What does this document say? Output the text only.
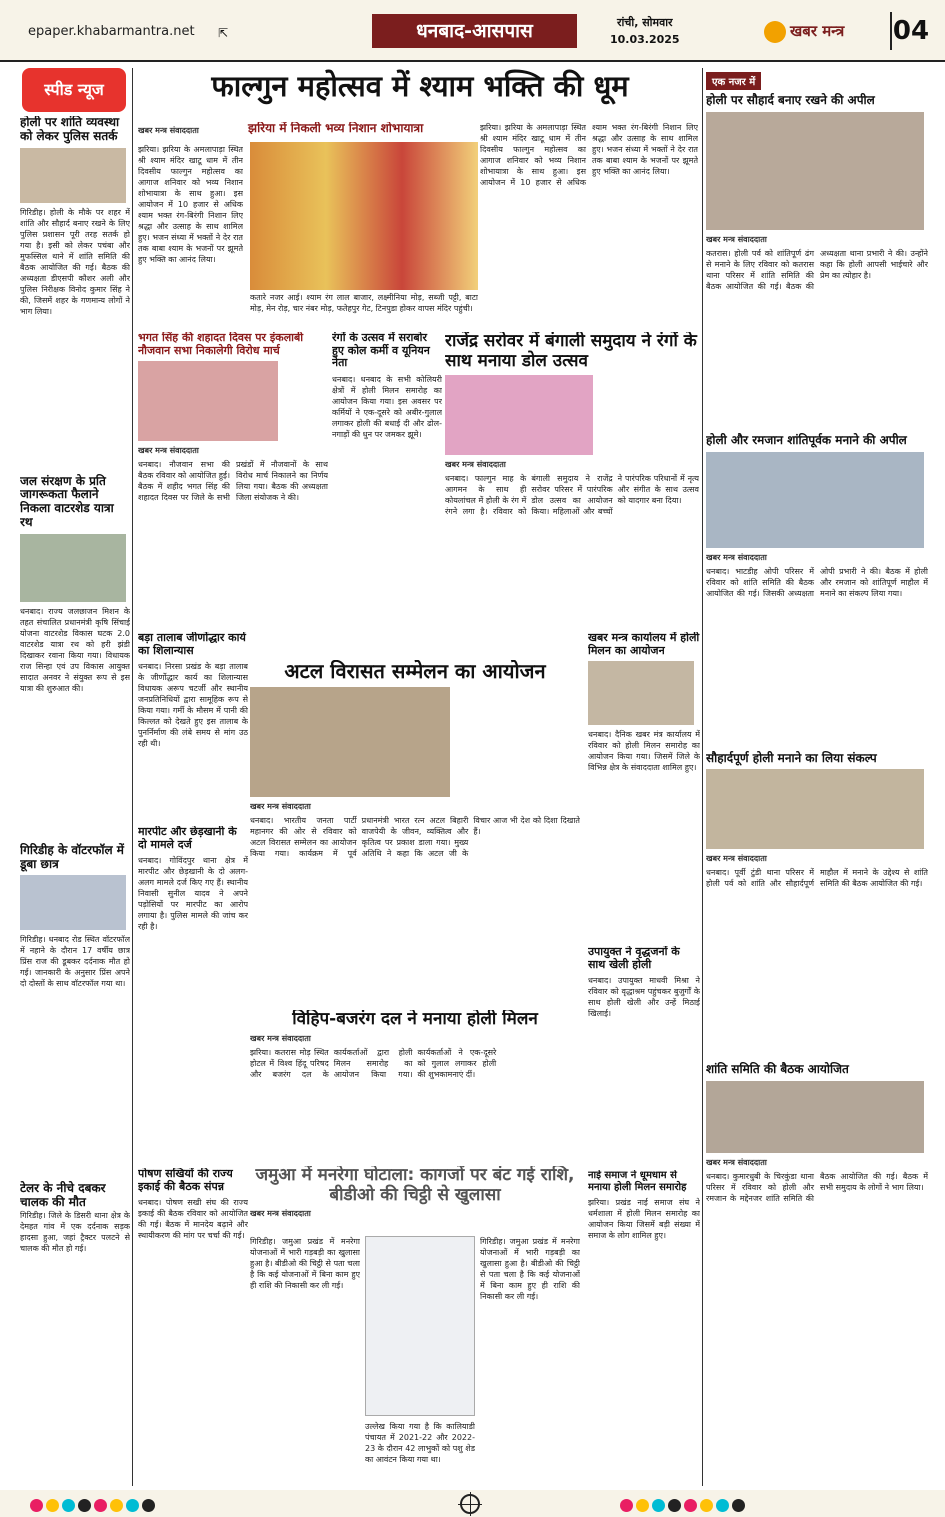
epaper.khabarmantra.net ⇱	धनबाद-आसपास	रांची, सोमवार
10.03.2025	खबर मन्त्र	04
स्पीड न्यूज
होली पर शांति व्यवस्था को लेकर पुलिस सतर्क
गिरिडीह। होली के मौके पर शहर में शांति और सौहार्द बनाए रखने के लिए पुलिस प्रशासन पूरी तरह सतर्क हो गया है। इसी को लेकर पचंबा और मुफस्सिल थाने में शांति समिति की बैठक आयोजित की गई। बैठक की अध्यक्षता डीएसपी कौशर अली और पुलिस निरीक्षक विनोद कुमार सिंह ने की, जिसमें शहर के गणमान्य लोगों ने भाग लिया।
जल संरक्षण के प्रति जागरूकता फैलाने निकला वाटरशेड यात्रा रथ
धनबाद। राज्य जलछाजन मिशन के तहत संचालित प्रधानमंत्री कृषि सिंचाई योजना वाटरशेड विकास घटक 2.0 वाटरशेड यात्रा रथ को हरी झंडी दिखाकर रवाना किया गया। विधायक राज सिन्हा एवं उप विकास आयुक्त सादात अनवर ने संयुक्त रूप से इस यात्रा की शुरुआत की।
गिरिडीह के वॉटरफॉल में डूबा छात्र
गिरिडीह। धनबाद रोड स्थित वॉटरफॉल में नहाने के दौरान 17 वर्षीय छात्र प्रिंस राज की डूबकर दर्दनाक मौत हो गई। जानकारी के अनुसार प्रिंस अपने दो दोस्तों के साथ वॉटरफॉल गया था।
टेलर के नीचे दबकर चालक की मौत
गिरिडीह। जिले के डिसरी थाना क्षेत्र के देमहत गांव में एक दर्दनाक सड़क हादसा हुआ, जहां ट्रैक्टर पलटने से चालक की मौत हो गई।
फाल्गुन महोत्सव में श्याम भक्ति की धूम
खबर मन्त्र संवाददाता	झरिया में निकली भव्य निशान शोभायात्रा
झरिया। झरिया के अमलापाड़ा स्थित श्री श्याम मंदिर खाटू धाम में तीन दिवसीय फाल्गुन महोत्सव का आगाज शनिवार को भव्य निशान शोभायात्रा के साथ हुआ। इस आयोजन में 10 हजार से अधिक श्याम भक्त रंग-बिरंगी निशान लिए श्रद्धा और उत्साह के साथ शामिल हुए। भजन संध्या में भक्तों ने देर रात तक बाबा श्याम के भजनों पर झूमते हुए भक्ति का आनंद लिया।
कतारे नजर आई। श्याम रंग लाल बाजार, लक्ष्मीनिया मोड़, सब्जी पट्टी, बाटा मोड़, मेन रोड़, चार नंबर मोड़, फतेहपुर गेट, टिनपुडा होकर वापस मंदिर पहुंची।
झरिया। झरिया के अमलापाड़ा स्थित श्री श्याम मंदिर खाटू धाम में तीन दिवसीय फाल्गुन महोत्सव का आगाज शनिवार को भव्य निशान शोभायात्रा के साथ हुआ। इस आयोजन में 10 हजार से अधिक श्याम भक्त रंग-बिरंगी निशान लिए श्रद्धा और उत्साह के साथ शामिल हुए। भजन संध्या में भक्तों ने देर रात तक बाबा श्याम के भजनों पर झूमते हुए भक्ति का आनंद लिया।
भगत सिंह की शहादत दिवस पर इंकलाबी नौजवान सभा निकालेगी विरोध मार्च
खबर मन्त्र संवाददाता
धनबाद। नौजवान सभा की बैठक रविवार को आयोजित हुई। बैठक में शहीद भगत सिंह की शहादत दिवस पर जिले के सभी प्रखंडों में नौजवानों के साथ विरोध मार्च निकालने का निर्णय लिया गया। बैठक की अध्यक्षता जिला संयोजक ने की।
रंगों के उत्सव में सराबोर हुए कोल कर्मी व यूनियन नेता
धनबाद। धनबाद के सभी कोलियरी क्षेत्रों में होली मिलन समारोह का आयोजन किया गया। इस अवसर पर कर्मियों ने एक-दूसरे को अबीर-गुलाल लगाकर होली की बधाई दी और ढोल-नगाड़ों की धुन पर जमकर झूमे।
राजेंद्र सरोवर में बंगाली समुदाय ने रंगों के साथ मनाया डोल उत्सव
खबर मन्त्र संवाददाता
धनबाद। फाल्गुन माह के आगमन के साथ ही कोयलांचल में होली के रंग में रंगने लगा है। रविवार को बंगाली समुदाय ने राजेंद्र सरोवर परिसर में पारंपरिक डोल उत्सव का आयोजन किया। महिलाओं और बच्चों ने पारंपरिक परिधानों में नृत्य और संगीत के साथ उत्सव को यादगार बना दिया।
बड़ा तालाब जीर्णोद्धार कार्य का शिलान्यास
धनबाद। निरसा प्रखंड के बड़ा तालाब के जीर्णोद्धार कार्य का शिलान्यास विधायक अरूप चटर्जी और स्थानीय जनप्रतिनिधियों द्वारा सामूहिक रूप से किया गया। गर्मी के मौसम में पानी की किल्लत को देखते हुए इस तालाब के पुनर्निर्माण की लंबे समय से मांग उठ रही थी।
मारपीट और छेड़खानी के दो मामले दर्ज
धनबाद। गोविंदपुर थाना क्षेत्र में मारपीट और छेड़खानी के दो अलग-अलग मामले दर्ज किए गए हैं। स्थानीय निवासी सुनील यादव ने अपने पड़ोसियों पर मारपीट का आरोप लगाया है। पुलिस मामले की जांच कर रही है।
पोषण सखियों की राज्य इकाई की बैठक संपन्न
धनबाद। पोषण सखी संघ की राज्य इकाई की बैठक रविवार को आयोजित की गई। बैठक में मानदेय बढ़ाने और स्थायीकरण की मांग पर चर्चा की गई।
अटल विरासत सम्मेलन का आयोजन
खबर मन्त्र संवाददाता
धनबाद। भारतीय जनता पार्टी महानगर की ओर से रविवार को अटल विरासत सम्मेलन का आयोजन किया गया। कार्यक्रम में पूर्व प्रधानमंत्री भारत रत्न अटल बिहारी वाजपेयी के जीवन, व्यक्तित्व और कृतित्व पर प्रकाश डाला गया। मुख्य अतिथि ने कहा कि अटल जी के विचार आज भी देश को दिशा दिखाते हैं।
विहिप-बजरंग दल ने मनाया होली मिलन
खबर मन्त्र संवाददाता
झरिया। कतरास मोड़ स्थित होटल में विश्व हिंदू परिषद और बजरंग दल के कार्यकर्ताओं द्वारा होली मिलन समारोह का आयोजन किया गया। कार्यकर्ताओं ने एक-दूसरे को गुलाल लगाकर होली की शुभकामनाएं दीं।
जमुआ में मनरेगा घोटाला: कागजों पर बंट गई राशि, बीडीओ की चिट्ठी से खुलासा
खबर मन्त्र संवाददाता
गिरिडीह। जमुआ प्रखंड में मनरेगा योजनाओं में भारी गड़बड़ी का खुलासा हुआ है। बीडीओ की चिट्ठी से पता चला है कि कई योजनाओं में बिना काम हुए ही राशि की निकासी कर ली गई।
उल्लेख किया गया है कि कालियाडी पंचायत में 2021-22 और 2022-23 के दौरान 42 लाभुकों को पशु शेड का आवंटन किया गया था।
गिरिडीह। जमुआ प्रखंड में मनरेगा योजनाओं में भारी गड़बड़ी का खुलासा हुआ है। बीडीओ की चिट्ठी से पता चला है कि कई योजनाओं में बिना काम हुए ही राशि की निकासी कर ली गई।
खबर मन्त्र कार्यालय में होली मिलन का आयोजन
धनबाद। दैनिक खबर मंत्र कार्यालय में रविवार को होली मिलन समारोह का आयोजन किया गया। जिसमें जिले के विभिन्न क्षेत्र के संवाददाता शामिल हुए।
उपायुक्त ने वृद्धजनों के साथ खेली होली
धनबाद। उपायुक्त माधवी मिश्रा ने रविवार को वृद्धाश्रम पहुंचकर बुजुर्गों के साथ होली खेली और उन्हें मिठाई खिलाई।
नाई समाज ने धूमधाम से मनाया होली मिलन समारोह
झरिया। प्रखंड नाई समाज संघ ने धर्मशाला में होली मिलन समारोह का आयोजन किया जिसमें बड़ी संख्या में समाज के लोग शामिल हुए।
एक नजर में
होली पर सौहार्द बनाए रखने की अपील
खबर मन्त्र संवाददाता
कतरास। होली पर्व को शांतिपूर्ण ढंग से मनाने के लिए रविवार को कतरास थाना परिसर में शांति समिति की बैठक आयोजित की गई। बैठक की अध्यक्षता थाना प्रभारी ने की। उन्होंने कहा कि होली आपसी भाईचारे और प्रेम का त्योहार है।
होली और रमजान शांतिपूर्वक मनाने की अपील
खबर मन्त्र संवाददाता
धनबाद। भाटडीह ओपी परिसर में रविवार को शांति समिति की बैठक आयोजित की गई। जिसकी अध्यक्षता ओपी प्रभारी ने की। बैठक में होली और रमजान को शांतिपूर्ण माहौल में मनाने का संकल्प लिया गया।
सौहार्दपूर्ण होली मनाने का लिया संकल्प
खबर मन्त्र संवाददाता
धनबाद। पूर्वी टुंडी थाना परिसर में होली पर्व को शांति और सौहार्दपूर्ण माहौल में मनाने के उद्देश्य से शांति समिति की बैठक आयोजित की गई।
शांति समिति की बैठक आयोजित
खबर मन्त्र संवाददाता
धनबाद। कुमारधुबी के चिरकुंडा थाना परिसर में रविवार को होली और रमजान के मद्देनजर शांति समिति की बैठक आयोजित की गई। बैठक में सभी समुदाय के लोगों ने भाग लिया।
